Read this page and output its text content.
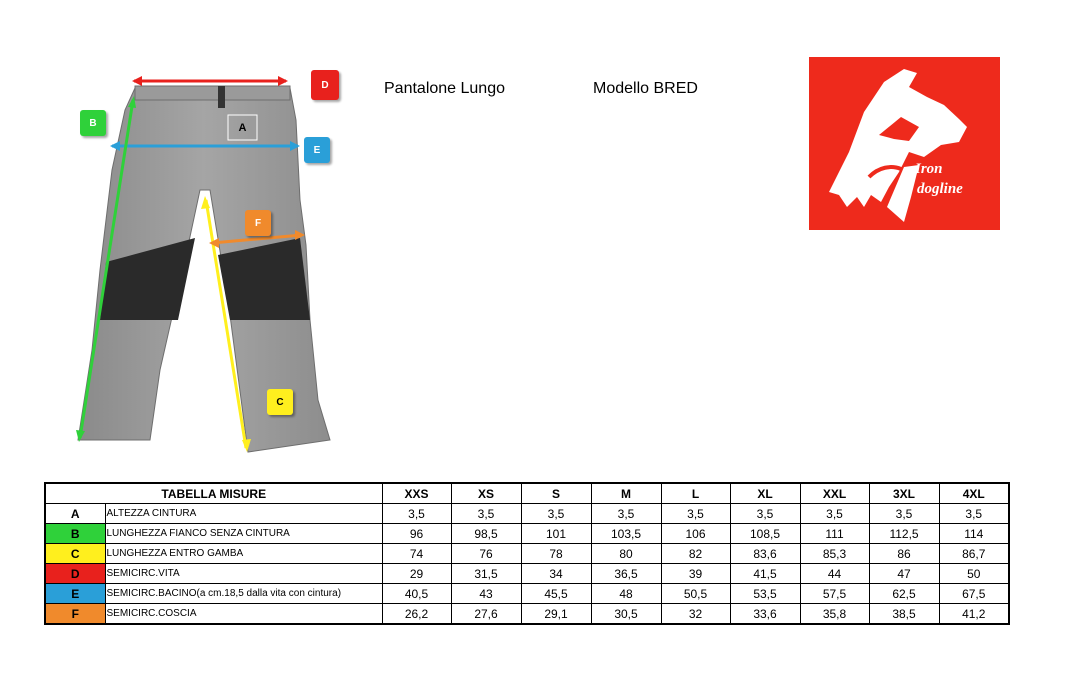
Pantalone Lungo	Modello BRED
A
B
C
D
E
F
Iron
dogline
TABELLA MISURE		XXS	XS	S	M	L	XL	XXL	3XL	4XL
A	ALTEZZA CINTURA	3,5	3,5	3,5	3,5	3,5	3,5	3,5	3,5	3,5
B	LUNGHEZZA FIANCO SENZA CINTURA	96	98,5	101	103,5	106	108,5	111	112,5	114
C	LUNGHEZZA ENTRO GAMBA	74	76	78	80	82	83,6	85,3	86	86,7
D	SEMICIRC.VITA	29	31,5	34	36,5	39	41,5	44	47	50
E	SEMICIRC.BACINO(a cm.18,5 dalla vita con cintura)	40,5	43	45,5	48	50,5	53,5	57,5	62,5	67,5
F	SEMICIRC.COSCIA	26,2	27,6	29,1	30,5	32	33,6	35,8	38,5	41,2
